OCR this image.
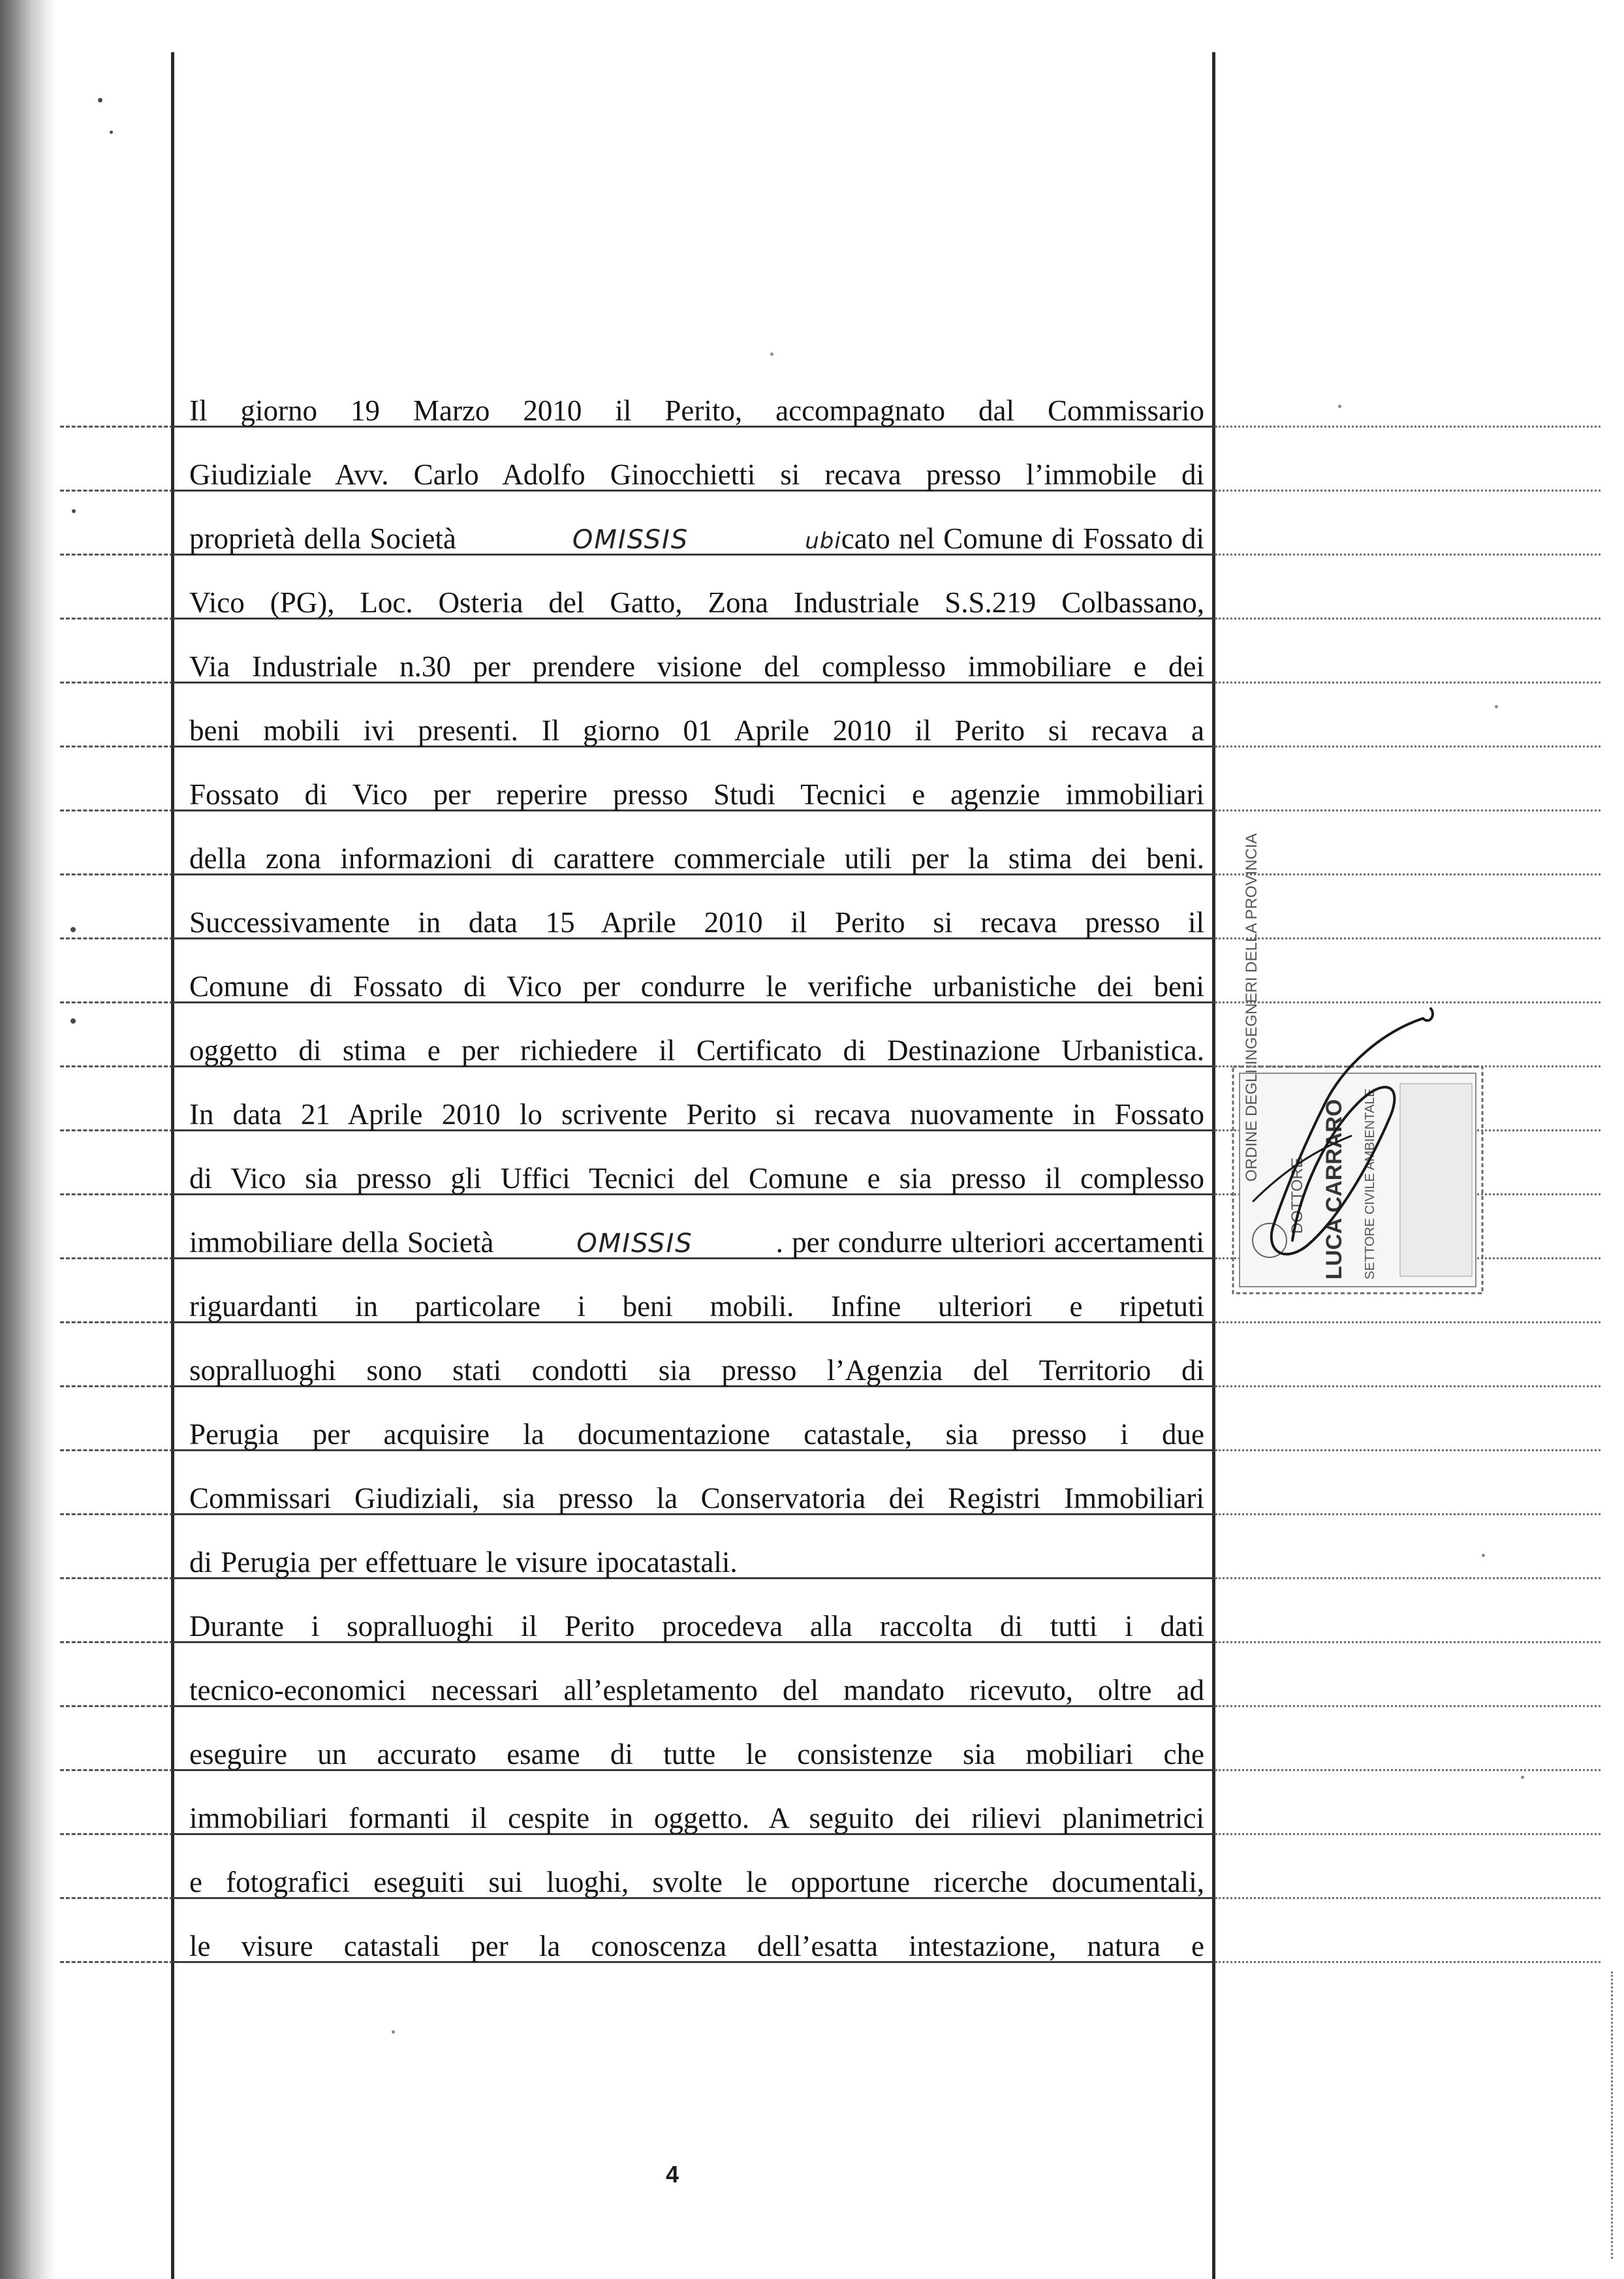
Il giorno 19 Marzo 2010 il Perito, accompagnato dal Commissario
Giudiziale Avv. Carlo Adolfo Ginocchietti si recava presso l’immobile di
proprietà della Società	OMISSIS	ubicato nel Comune di Fossato di
Vico (PG), Loc. Osteria del Gatto, Zona Industriale S.S.219 Colbassano,
Via Industriale n.30 per prendere visione del complesso immobiliare e dei
beni mobili ivi presenti. Il giorno 01 Aprile 2010 il Perito si recava a
Fossato di Vico per reperire presso Studi Tecnici e agenzie immobiliari
della zona informazioni di carattere commerciale utili per la stima dei beni.
Successivamente in data 15 Aprile 2010 il Perito si recava presso il
Comune di Fossato di Vico per condurre le verifiche urbanistiche dei beni
oggetto di stima e per richiedere il Certificato di Destinazione Urbanistica.
In data 21 Aprile 2010 lo scrivente Perito si recava nuovamente in Fossato
di Vico sia presso gli Uffici Tecnici del Comune e sia presso il complesso
immobiliare della Società	OMISSIS	. per condurre ulteriori accertamenti
riguardanti in particolare i beni mobili. Infine ulteriori e ripetuti
sopralluoghi sono stati condotti sia presso l’Agenzia del Territorio di
Perugia per acquisire la documentazione catastale, sia presso i due
Commissari Giudiziali, sia presso la Conservatoria dei Registri Immobiliari
di Perugia per effettuare le visure ipocatastali.
Durante i sopralluoghi il Perito procedeva alla raccolta di tutti i dati
tecnico-economici necessari all’espletamento del mandato ricevuto, oltre ad
eseguire un accurato esame di tutte le consistenze sia mobiliari che
immobiliari formanti il cespite in oggetto. A seguito dei rilievi planimetrici
e fotografici eseguiti sui luoghi, svolte le opportune ricerche documentali,
le visure catastali per la conoscenza dell’esatta intestazione, natura e
ORDINE DEGLI INGEGNERI DELLA PROVINCIA
DOTTORE LUCA CARRARO SETTORE CIVILE AMBIENTALE
4
